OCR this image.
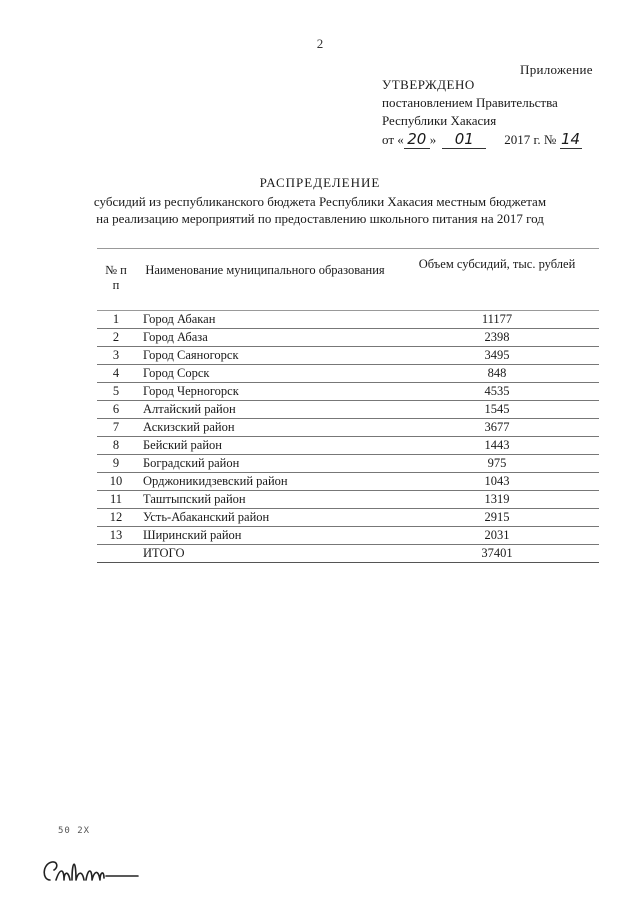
2
Приложение
УТВЕРЖДЕНО
постановлением Правительства
Республики Хакасия
от « 20 » 01 2017 г. № 14
РАСПРЕДЕЛЕНИЕ
субсидий из республиканского бюджета Республики Хакасия местным бюджетам
на реализацию мероприятий по предоставлению школьного питания на 2017 год
№ п п	Наименование муниципального образования	Объем субсидий, тыс. рублей
1	Город Абакан	11177
2	Город Абаза	2398
3	Город Саяногорск	3495
4	Город Сорск	848
5	Город Черногорск	4535
6	Алтайский район	1545
7	Аскизский район	3677
8	Бейский район	1443
9	Боградский район	975
10	Орджоникидзевский район	1043
11	Таштыпский район	1319
12	Усть-Абаканский район	2915
13	Ширинский район	2031
	ИТОГО	37401
50 2X
